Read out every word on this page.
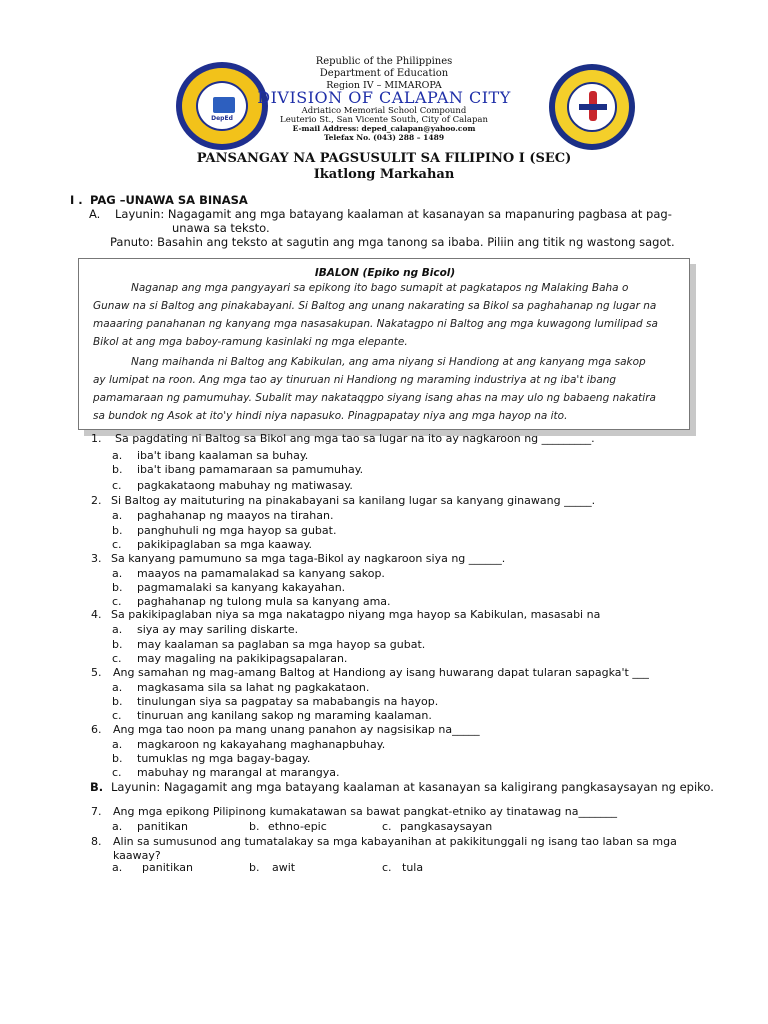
DepEd
Republic of the Philippines
Department of Education
Region IV – MIMAROPA
DIVISION OF CALAPAN CITY
Adriatico Memorial School Compound
Leuterio St., San Vicente South, City of Calapan
E-mail Address: deped_calapan@yahoo.com
Telefax No. (043) 288 – 1489
PANSANGAY NA PAGSUSULIT SA FILIPINO I (SEC)
Ikatlong Markahan
I . PAG –UNAWA SA BINASA
A. Layunin: Nagagamit ang mga batayang kaalaman at kasanayan sa mapanuring pagbasa at pag-
unawa sa teksto.
Panuto: Basahin ang teksto at sagutin ang mga tanong sa ibaba. Piliin ang titik ng wastong sagot.
IBALON (Epiko ng Bicol)
Naganap ang mga pangyayari sa epikong ito bago sumapit at pagkatapos ng Malaking Baha o
Gunaw na si Baltog ang pinakabayani. Si Baltog ang unang nakarating sa Bikol sa paghahanap ng lugar na
maaaring panahanan ng kanyang mga nasasakupan. Nakatagpo ni Baltog ang mga kuwagong lumilipad sa
Bikol at ang mga baboy-ramung kasinlaki ng mga elepante.
Nang maihanda ni Baltog ang Kabikulan, ang ama niyang si Handiong at ang kanyang mga sakop
ay lumipat na roon. Ang mga tao ay tinuruan ni Handiong ng maraming industriya at ng iba't ibang
pamamaraan ng pamumuhay. Subalit may nakataqgpo siyang isang ahas na may ulo ng babaeng nakatira
sa bundok ng Asok at ito'y hindi niya napasuko. Pinagpapatay niya ang mga hayop na ito.
1. Sa pagdating ni Baltog sa Bikol ang mga tao sa lugar na ito ay nagkaroon ng _________.
a. iba't ibang kaalaman sa buhay.
b. iba't ibang pamamaraan sa pamumuhay.
c. pagkakataong mabuhay ng matiwasay.
2. Si Baltog ay maituturing na pinakabayani sa kanilang lugar sa kanyang ginawang _____.
a. paghahanap ng maayos na tirahan.
b. panghuhuli ng mga hayop sa gubat.
c. pakikipaglaban sa mga kaaway.
3. Sa kanyang pamumuno sa mga taga-Bikol ay nagkaroon siya ng ______.
a. maayos na pamamalakad sa kanyang sakop.
b. pagmamalaki sa kanyang kakayahan.
c. paghahanap ng tulong mula sa kanyang ama.
4. Sa pakikipaglaban niya sa mga nakatagpo niyang mga hayop sa Kabikulan, masasabi na
a. siya ay may sariling diskarte.
b. may kaalaman sa paglaban sa mga hayop sa gubat.
c. may magaling na pakikipagsapalaran.
5. Ang samahan ng mag-amang Baltog at Handiong ay isang huwarang dapat tularan sapagka't ___
a. magkasama sila sa lahat ng pagkakataon.
b. tinulungan siya sa pagpatay sa mababangis na hayop.
c. tinuruan ang kanilang sakop ng maraming kaalaman.
6. Ang mga tao noon pa mang unang panahon ay nagsisikap na_____
a. magkaroon ng kakayahang maghanapbuhay.
b. tumuklas ng mga bagay-bagay.
c. mabuhay ng marangal at marangya.
B. Layunin: Nagagamit ang mga batayang kaalaman at kasanayan sa kaligirang pangkasaysayan ng epiko.
7. Ang mga epikong Pilipinong kumakatawan sa bawat pangkat-etniko ay tinatawag na_______
a. panitikan	b. ethno-epic	c. pangkasaysayan
8. Alin sa sumusunod ang tumatalakay sa mga kabayanihan at pakikitunggali ng isang tao laban sa mga
kaaway?
a. panitikan	b. awit	c. tula
